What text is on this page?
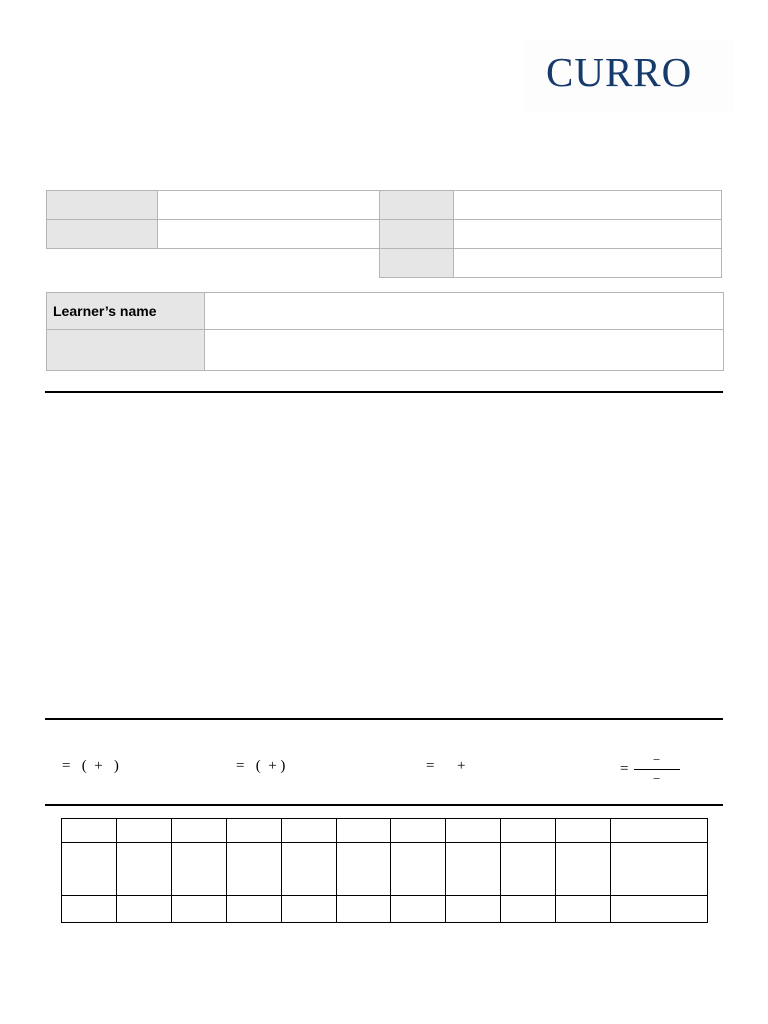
CURRO

Learner’s name	

=   (  +   )	=   (  + )	=      +	=
−
−
